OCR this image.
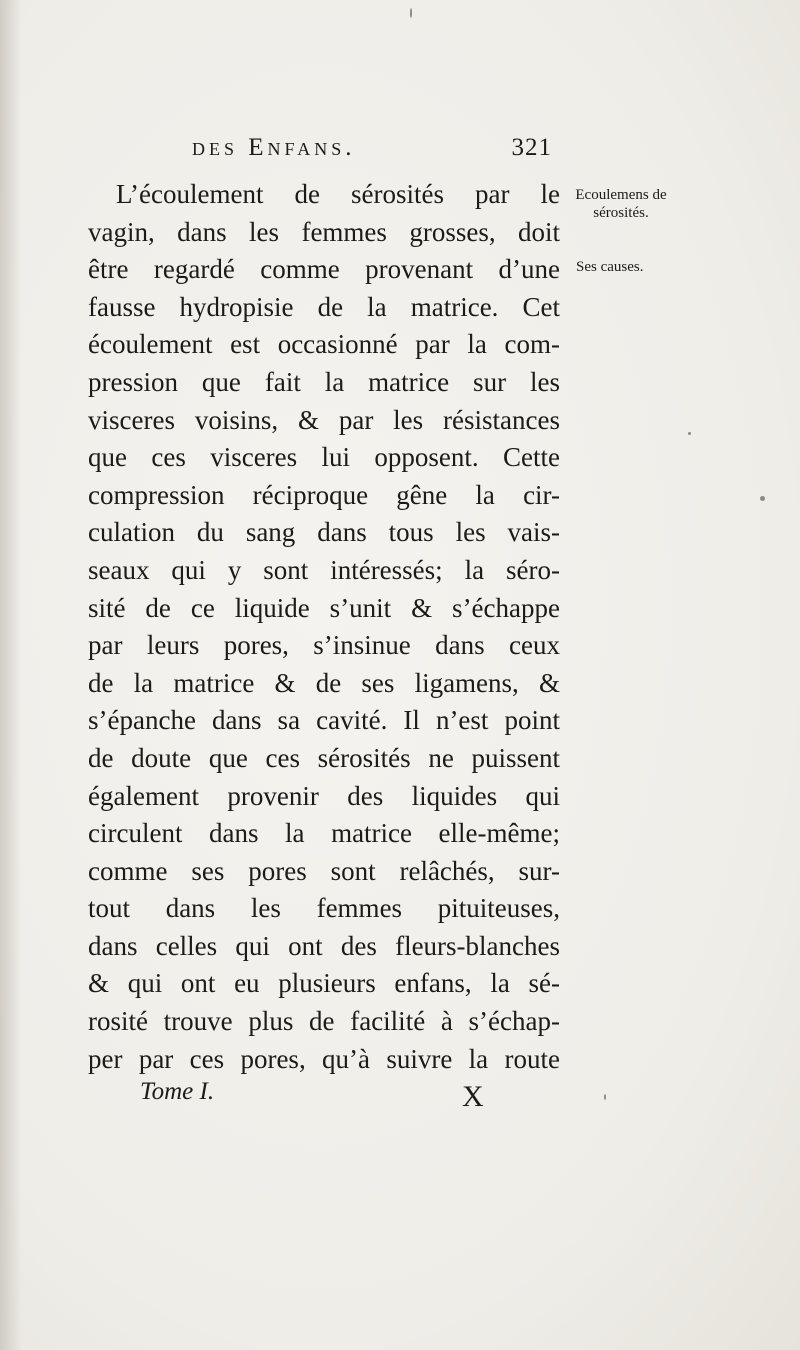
des Enfans.	321
Ecoulemens de sérosités.
Ses causes.
L’écoulement de sérosités par le
vagin, dans les femmes grosses, doit
être regardé comme provenant d’une
fausse hydropisie de la matrice. Cet
écoulement est occasionné par la com-
pression que fait la matrice sur les
visceres voisins, & par les résistances
que ces visceres lui opposent. Cette
compression réciproque gêne la cir-
culation du sang dans tous les vais-
seaux qui y sont intéressés; la séro-
sité de ce liquide s’unit & s’échappe
par leurs pores, s’insinue dans ceux
de la matrice & de ses ligamens, &
s’épanche dans sa cavité. Il n’est point
de doute que ces sérosités ne puissent
également provenir des liquides qui
circulent dans la matrice elle-même;
comme ses pores sont relâchés, sur-
tout dans les femmes pituiteuses,
dans celles qui ont des fleurs-blanches
& qui ont eu plusieurs enfans, la sé-
rosité trouve plus de facilité à s’échap-
per par ces pores, qu’à suivre la route
Tome I.	X
